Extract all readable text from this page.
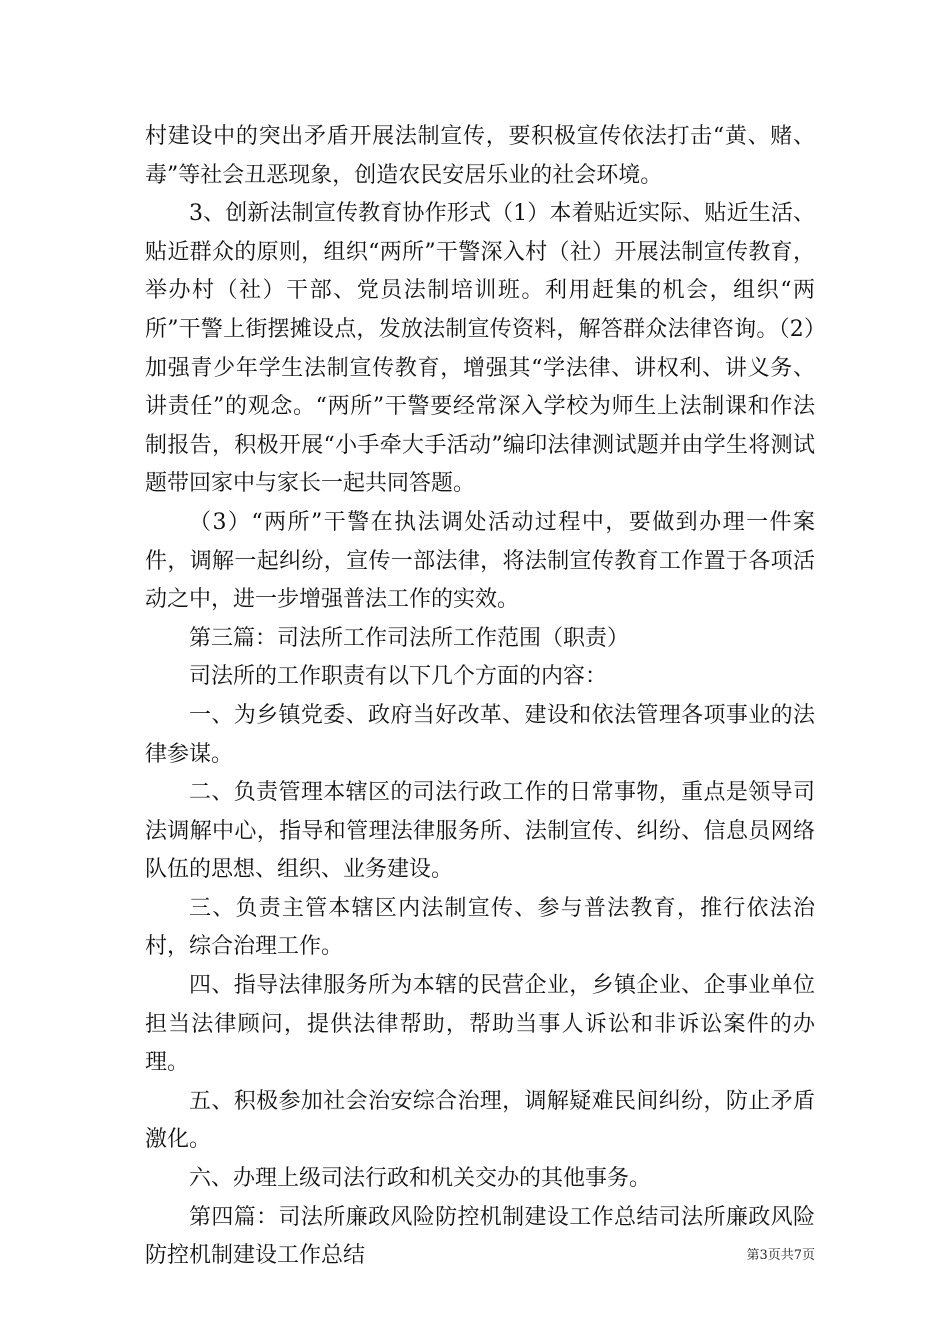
村建设中的突出矛盾开展法制宣传，要积极宣传依法打击“黄、赌、毒”等社会丑恶现象，创造农民安居乐业的社会环境。

3、创新法制宣传教育协作形式（1）本着贴近实际、贴近生活、贴近群众的原则，组织“两所”干警深入村（社）开展法制宣传教育，举办村（社）干部、党员法制培训班。利用赶集的机会，组织“两所”干警上街摆摊设点，发放法制宣传资料，解答群众法律咨询。（2）加强青少年学生法制宣传教育，增强其“学法律、讲权利、讲义务、讲责任”的观念。“两所”干警要经常深入学校为师生上法制课和作法制报告，积极开展“小手牵大手活动”编印法律测试题并由学生将测试题带回家中与家长一起共同答题。

（3）“两所”干警在执法调处活动过程中，要做到办理一件案件，调解一起纠纷，宣传一部法律，将法制宣传教育工作置于各项活动之中，进一步增强普法工作的实效。

第三篇：司法所工作司法所工作范围（职责）

司法所的工作职责有以下几个方面的内容：

一、为乡镇党委、政府当好改革、建设和依法管理各项事业的法律参谋。

二、负责管理本辖区的司法行政工作的日常事物，重点是领导司法调解中心，指导和管理法律服务所、法制宣传、纠纷、信息员网络队伍的思想、组织、业务建设。

三、负责主管本辖区内法制宣传、参与普法教育，推行依法治村，综合治理工作。

四、指导法律服务所为本辖的民营企业，乡镇企业、企事业单位担当法律顾问，提供法律帮助，帮助当事人诉讼和非诉讼案件的办理。

五、积极参加社会治安综合治理，调解疑难民间纠纷，防止矛盾激化。

六、办理上级司法行政和机关交办的其他事务。

第四篇：司法所廉政风险防控机制建设工作总结司法所廉政风险防控机制建设工作总结	第3页共7页
